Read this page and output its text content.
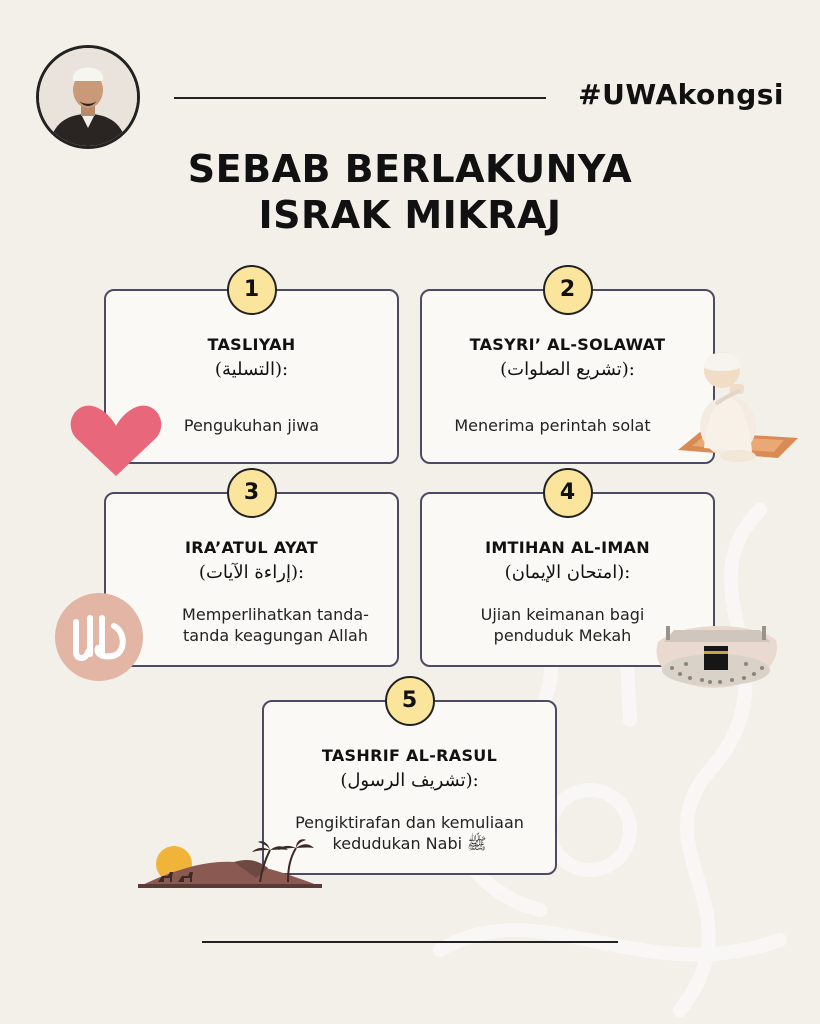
#UWAkongsi
SEBAB BERLAKUNYA
ISRAK MIKRAJ
1
TASLIYAH
(التسلية):
Pengukuhan jiwa
2
TASYRI’ AL-SOLAWAT
(تشريع الصلوات):
Menerima perintah solat
3
IRA’ATUL AYAT
(إراءة الآيات):
Memperlihatkan tanda-
tanda keagungan Allah
4
IMTIHAN AL-IMAN
(امتحان الإيمان):
Ujian keimanan bagi
penduduk Mekah
5
TASHRIF AL-RASUL
(تشريف الرسول):
Pengiktirafan dan kemuliaan
kedudukan Nabi ﷺ
